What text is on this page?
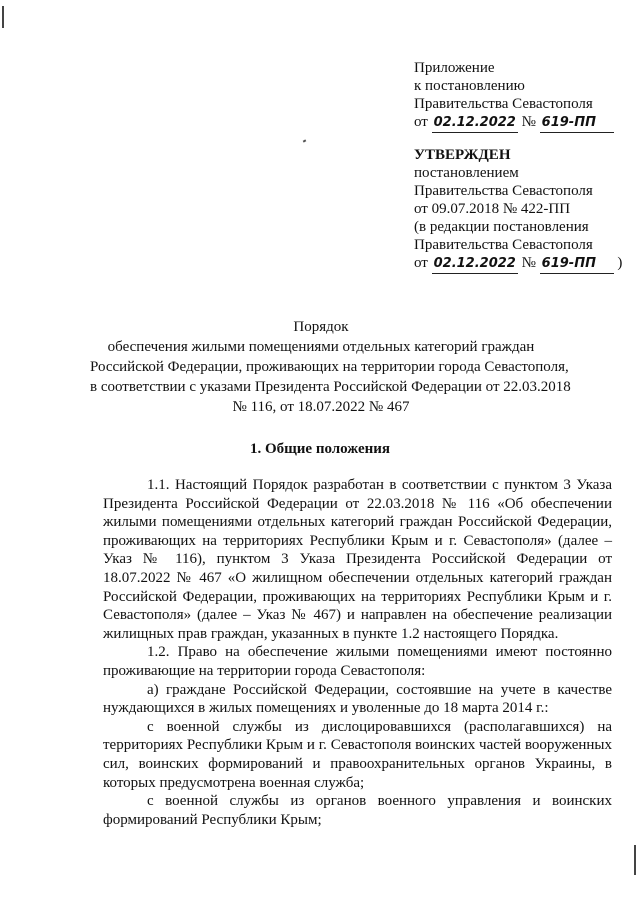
Приложение
к постановлению
Правительства Севастополя
от 02.12.2022 № 619-ПП
УТВЕРЖДЕН
постановлением
Правительства Севастополя
от 09.07.2018 № 422-ПП
(в редакции постановления
Правительства Севастополя
от 02.12.2022 № 619-ПП )
Порядок
обеспечения жилыми помещениями отдельных категорий граждан
Российской Федерации, проживающих на территории города Севастополя,
в соответствии с указами Президента Российской Федерации от 22.03.2018
№ 116, от 18.07.2022 № 467
1. Общие положения

1.1. Настоящий Порядок разработан в соответствии с пунктом 3 Указа Президента Российской Федерации от 22.03.2018 № 116 «Об обеспечении жилыми помещениями отдельных категорий граждан Российской Федерации, проживающих на территориях Республики Крым и г. Севастополя» (далее – Указ № 116), пунктом 3 Указа Президента Российской Федерации от 18.07.2022 № 467 «О жилищном обеспечении отдельных категорий граждан Российской Федерации, проживающих на территориях Республики Крым и г. Севастополя» (далее – Указ № 467) и направлен на обеспечение реализации жилищных прав граждан, указанных в пункте 1.2 настоящего Порядка.

1.2. Право на обеспечение жилыми помещениями имеют постоянно проживающие на территории города Севастополя:

а) граждане Российской Федерации, состоявшие на учете в качестве нуждающихся в жилых помещениях и уволенные до 18 марта 2014 г.:

с военной службы из дислоцировавшихся (располагавшихся) на территориях Республики Крым и г. Севастополя воинских частей вооруженных сил, воинских формирований и правоохранительных органов Украины, в которых предусмотрена военная служба;

с военной службы из органов военного управления и воинских формирований Республики Крым;
